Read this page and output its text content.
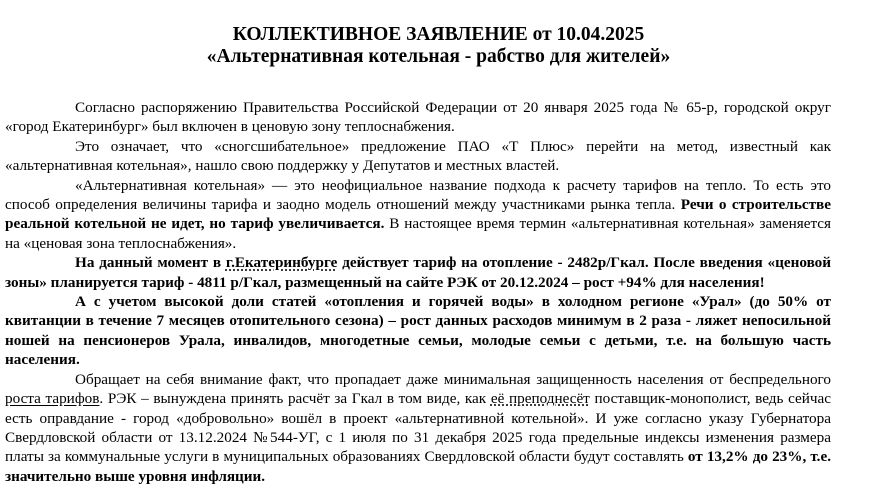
КОЛЛЕКТИВНОЕ ЗАЯВЛЕНИЕ от 10.04.2025
«Альтернативная котельная - рабство для жителей»

Согласно распоряжению Правительства Российской Федерации от 20 января 2025 года № 65-р, городской округ «город Екатеринбург» был включен в ценовую зону теплоснабжения.

Это означает, что «сногсшибательное» предложение ПАО «Т Плюс» перейти на метод, известный как «альтернативная котельная», нашло свою поддержку у Депутатов и местных властей.

«Альтернативная котельная» — это неофициальное название подхода к расчету тарифов на тепло. То есть это способ определения величины тарифа и заодно модель отношений между участниками рынка тепла. Речи о строительстве реальной котельной не идет, но тариф увеличивается. В настоящее время термин «альтернативная котельная» заменяется на «ценовая зона теплоснабжения».

На данный момент в г.Екатеринбурге действует тариф на отопление - 2482р/Гкал. После введения «ценовой зоны» планируется тариф - 4811 р/Гкал, размещенный на сайте РЭК от 20.12.2024 – рост +94% для населения!

А с учетом высокой доли статей «отопления и горячей воды» в холодном регионе «Урал» (до 50% от квитанции в течение 7 месяцев отопительного сезона) – рост данных расходов минимум в 2 раза - ляжет непосильной ношей на пенсионеров Урала, инвалидов, многодетные семьи, молодые семьи с детьми, т.е. на большую часть населения.

Обращает на себя внимание факт, что пропадает даже минимальная защищенность населения от беспредельного роста тарифов. РЭК – вынуждена принять расчёт за Гкал в том виде, как её преподнесёт поставщик-монополист, ведь сейчас есть оправдание - город «добровольно» вошёл в проект «альтернативной котельной». И уже согласно указу Губернатора Свердловской области от 13.12.2024 №544-УГ, с 1 июля по 31 декабря 2025 года предельные индексы изменения размера платы за коммунальные услуги в муниципальных образованиях Свердловской области будут составлять от 13,2% до 23%, т.е. значительно выше уровня инфляции.
